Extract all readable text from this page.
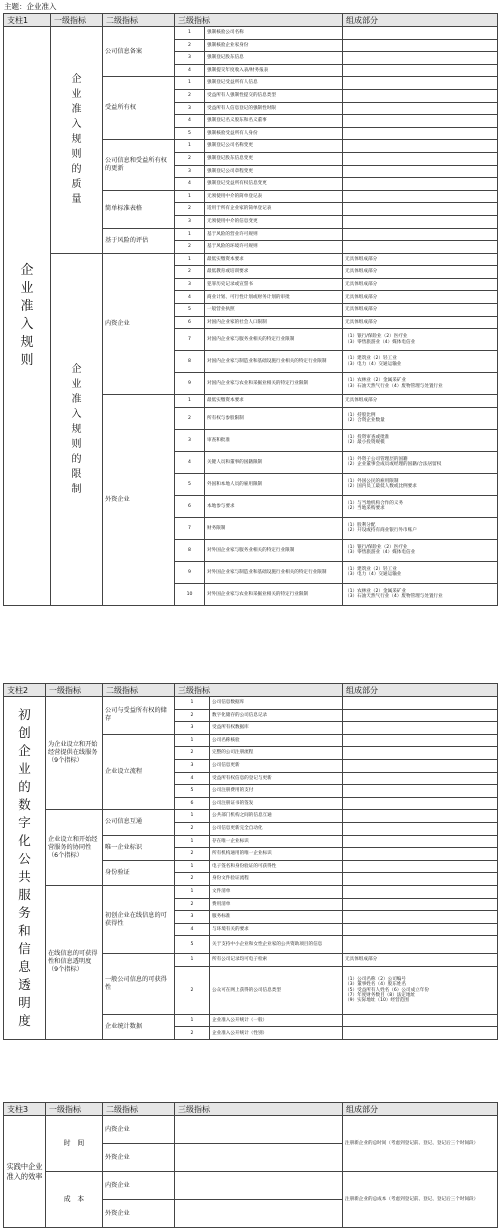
主题：企业准入
支柱1	一级指标	二级指标	三级指标		组成部分
企业准入规则	企业准入规则的质量	公司信息备案	1	强制核验公司名称	
			2	强制核验企业家身份	
			3	强制登记股东信息	
			4	强制提交年度收入表/财务报表	
		受益所有权	1	强制登记受益所有人信息	
			2	受益所有人强制性提交的信息类型	
			3	受益所有人信息登记的强制性时限	
			4	强制登记名义股东和名义董事	
			5	强制核验受益所有人身份	
		公司信息和受益所有权的更新	1	强制登记公司名称变更	
			2	强制登记股东信息变更	
			3	强制登记公司章程变更	
			4	强制登记受益所有权信息变更	
		简单标准表格	1	无须使用中介的简单登记表	
			2	适用于所有企业家的简单登记表	
			3	无须使用中介的信息变更	
		基于风险的评估	1	基于风险的营业许可规则	
			2	基于风险的环境许可规则	
	企业准入规则的限制	内资企业	1	最低实缴资本要求	无具体组成部分
			2	最低教育或培训要求	无具体组成部分
			3	犯罪历史记录或宣誓书	无具体组成部分
			4	商业计划、可行性计划或财务计划的审批	无具体组成部分
			5	一般营业执照	无具体组成部分
			6	对国内企业家的社会人口限制	无具体组成部分
			7	对国内企业家与服务业相关的特定行业限制	（1）银行/保险业（2）医疗业
（3）零售旅游业（4）媒体电信业
			8	对国内企业家与制造业和基础设施行业相关的特定行业限制	（1）建筑业（2）轻工业
（3）电力（4）交通运输业
			9	对国内企业家与农业和采掘业相关的特定行业限制	（1）农林业（2）金属采矿业
（3）石油天然气行业（4）废物管理与处置行业
		外资企业	1	最低实缴资本要求	无具体组成部分
			2	所有权与参股限制	（1）持股比例
（2）合资企业数量
			3	审查和批准	（1）投资审查或批准
（2）最小投资规模
			4	关键人员和董事的国籍限制	（1）外资子公司管理层的国籍
（2）企业董事会成员或经理的国籍/合法居留权
			5	外国和本地人员的雇用限制	（1）外国公民的雇用限制
（2）国内员工最低人数或比例要求
			6	本地参与要求	（1）与当地机构合作的义务
（2）当地采购要求
			7	财务限制	（1）股利分配
（2）开设或持有商业银行外币账户
			8	对外国企业家与服务业相关的特定行业限制	（1）银行/保险业（2）医疗业
（3）零售旅游业（4）媒体电信业
			9	对外国企业家与制造业和基础设施行业相关的特定行业限制	（1）建筑业（2）轻工业
（3）电力（4）交通运输业
			10	对外国企业家与农业和采掘业相关的特定行业限制	（1）农林业（2）金属采矿业
（3）石油天然气行业（4）废物管理与处置行业
支柱2	一级指标	二级指标	三级指标		组成部分
初创企业的数字化公共服务和信息透明度	为企业设立和开始经营提供在线服务
（9个指标）	公司与受益所有权的储存	1	公司信息数据库	
			2	数字化储存的公司信息记录	
			3	受益所有权数据库	
		企业设立流程	1	公司名称核验	
			2	完整的公司注册流程	
			3	公司信息更新	
			4	受益所有权信息的登记与更新	
			5	公司注册费用的支付	
			6	公司注册证书的签发	
	企业设立和开始经营服务的协同性
（6个指标）	公司信息互通	1	公共部门机构之间的信息互通	
			2	公司信息更新完全自动化	
		唯一企业标识	1	存在唯一企业标识	
			2	所有机构通用的唯一企业标识	
		身份验证	1	电子签名和身份验证的可获得性	
			2	身份文件验证流程	
	在线信息的可获得性和信息透明度
（9个指标）	初创企业在线信息的可获得性	1	文件清单	
			2	费用清单	
			3	服务标准	
			4	与环境有关的要求	
			5	关于支持中小企业和女性企业家的公共资助项目的信息	
		一般公司信息的可获得性	1	所有公司记录均可电子检索	无具体组成部分
			2	公众可在网上获得的公司信息类型	（1）公司名称（2）公司编号
（3）董事姓名（4）股东姓名
（5）受益所有人姓名（6）公司成立年份
（7）年度财务数目（8）法定地址
（9）实际地址（10）经营范围
		企业统计数据	1	企业准入公开统计（一般）	
			2	企业准入公开统计（性别）	
支柱3	一级指标	二级指标	三级指标	组成部分
实践中企业准入的效率	时　间	内资企业		注册新企业的总时间（考虑到登记前、登记、登记后三个时间段）
		外资企业		
	成　本	内资企业		注册新企业的总成本（考虑到登记前、登记、登记后三个时间段）
		外资企业		
